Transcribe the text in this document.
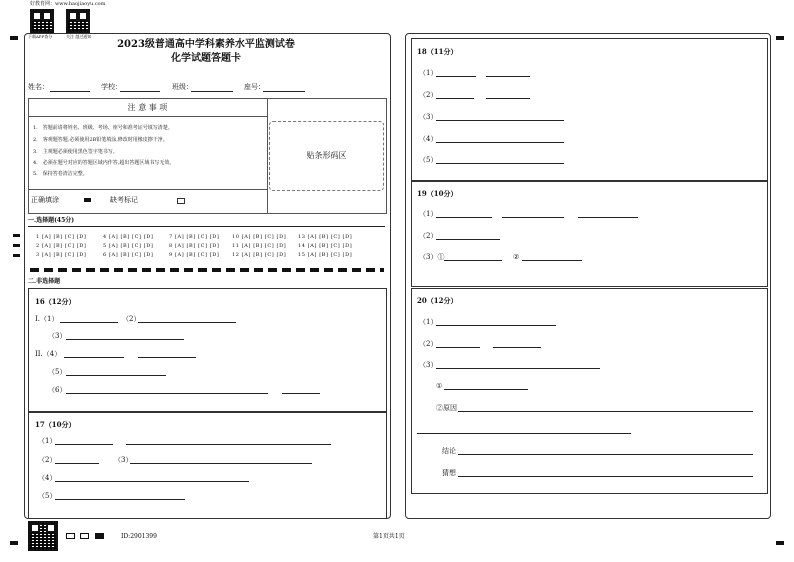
好教育网：www.haojiaoyu.com
下载APP查分	关注 越过通知
2023级普通高中学科素养水平监测试卷
化学试题答题卡
姓名：	学校：	班级：	座号：
注 意 事 项
1.　答题前请将姓名、班级、考场、座号和准考证号填写清楚。
2.　客观题答题,必须使用2B铅笔填涂,修改时用橡皮擦干净。
3.　主观题必须使用黑色签字笔书写。
4.　必须在题号对应的答题区域内作答,超出答题区域书写无效。
5.　保持答卷清洁完整。
正确填涂	缺考标记
贴条形码区
一.选择题(45分)
1 [A] [B] [C] [D]	4 [A] [B] [C] [D]	7 [A] [B] [C] [D]	10 [A] [B] [C] [D] 13 [A] [B] [C] [D]
2 [A] [B] [C] [D]	5 [A] [B] [C] [D]	8 [A] [B] [C] [D]	11 [A] [B] [C] [D] 14 [A] [B] [C] [D]
3 [A] [B] [C] [D]	6 [A] [B] [C] [D]	9 [A] [B] [C] [D]	12 [A] [B] [C] [D] 15 [A] [B] [C] [D]
二.非选择题
16（12分）
I.（1）	（2）
（3）
II.（4）
（5）
（6）
17（10分）
（1）
（2）	（3）
（4）
（5）
18（11分）
（1）
（2）
（3）
（4）
（5）
19（10分）
（1）
（2）
（3）①	②
20（12分）
（1）
（2）
（3）
①
②原因
结论
猜想
ID:2901399	第1页共1页
